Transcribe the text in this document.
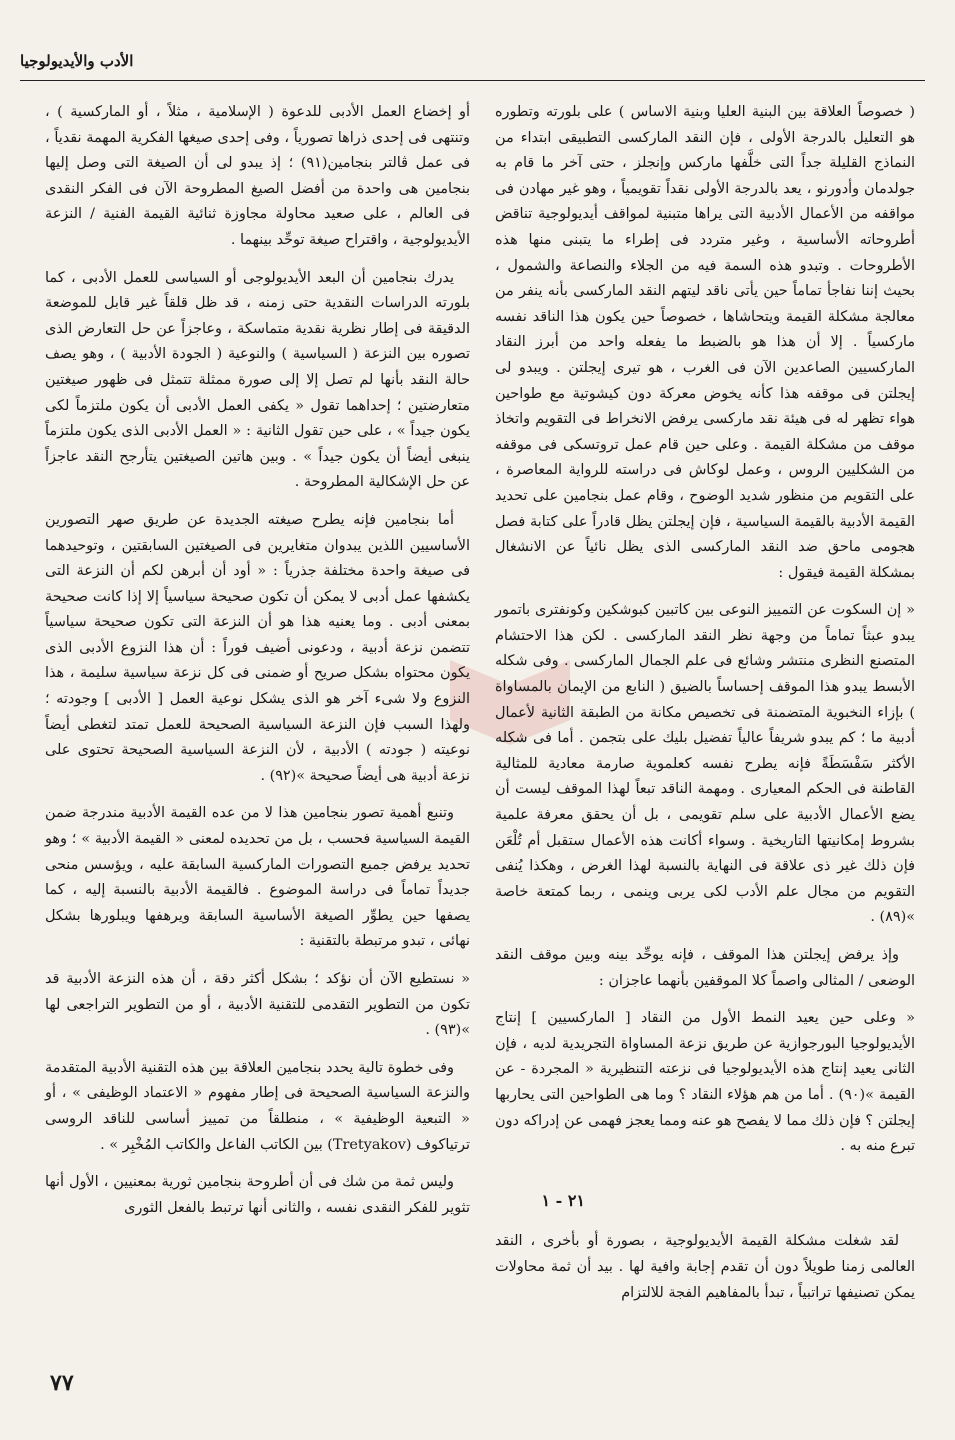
الأدب والأيديولوجيا

( خصوصاً العلاقة بين البنية العليا وبنية الاساس ) على بلورته وتطوره هو التعليل بالدرجة الأولى ، فإن النقد الماركسى التطبيقى ابتداء من النماذج القليلة جداً التى خلَّفها ماركس وإنجلز ، حتى آخر ما قام به جولدمان وأدورنو ، يعد بالدرجة الأولى نقداً تقويمياً ، وهو غير مهادن فى مواقفه من الأعمال الأدبية التى يراها متبنية لمواقف أيديولوجية تناقض أطروحاته الأساسية ، وغير متردد فى إطراء ما يتبنى منها هذه الأطروحات . وتبدو هذه السمة فيه من الجلاء والنصاعة والشمول ، بحيث إننا نفاجأ تماماً حين يأتى ناقد ليتهم النقد الماركسى بأنه ينفر من معالجة مشكلة القيمة ويتحاشاها ، خصوصاً حين يكون هذا الناقد نفسه ماركسياً . إلا أن هذا هو بالضبط ما يفعله واحد من أبرز النقاد الماركسيين الصاعدين الآن فى الغرب ، هو تيرى إيجلتن . ويبدو لى إيجلتن فى موقفه هذا كأنه يخوض معركة دون كيشوتية مع طواحين هواء تظهر له فى هيئة نقد ماركسى يرفض الانخراط فى التقويم واتخاذ موقف من مشكلة القيمة . وعلى حين قام عمل تروتسكى فى موقفه من الشكليين الروس ، وعمل لوكاش فى دراسته للرواية المعاصرة ، على التقويم من منظور شديد الوضوح ، وقام عمل بنجامين على تحديد القيمة الأدبية بالقيمة السياسية ، فإن إيجلتن يظل قادراً على كتابة فصل هجومى ماحق ضد النقد الماركسى الذى يظل نائياً عن الانشغال بمشكلة القيمة فيقول :

« إن السكوت عن التمييز النوعى بين كاتبين كبوشكين وكونفترى باتمور يبدو عبثاً تماماً من وجهة نظر النقد الماركسى . لكن هذا الاحتشام المتصنع النظرى منتشر وشائع فى علم الجمال الماركسى . وفى شكله الأبسط يبدو هذا الموقف إحساساً بالضيق ( النابع من الإيمان بالمساواة ) بإزاء النخبوية المتضمنة فى تخصيص مكانة من الطبقة الثانية لأعمال أدبية ما ؛ كم يبدو شريفاً عالياً تفضيل بليك على بتجمن . أما فى شكله الأكثر سَفْسَطَةً فإنه يطرح نفسه كعلموية صارمة معادية للمثالية القاطنة فى الحكم المعيارى . ومهمة الناقد تبعاً لهذا الموقف ليست أن يضع الأعمال الأدبية على سلم تقويمى ، بل أن يحقق معرفة علمية بشروط إمكانيتها التاريخية . وسواء أكانت هذه الأعمال ستقبل أم تُلْعَن فإن ذلك غير ذى علاقة فى النهاية بالنسبة لهذا الغرض ، وهكذا يُنفى التقويم من مجال علم الأدب لكى يربى وينمى ، ربما كمتعة خاصة »(٨٩) .

وإذ يرفض إيجلتن هذا الموقف ، فإنه يوحِّد بينه وبين موقف النقد الوضعى / المثالى واصماً كلا الموقفين بأنهما عاجزان :

« وعلى حين يعيد النمط الأول من النقاد [ الماركسيين ] إنتاج الأيديولوجيا البورجوازية عن طريق نزعة المساواة التجريدية لديه ، فإن الثانى يعيد إنتاج هذه الأيديولوجيا فى نزعته التنظيرية « المجردة - عن القيمة »(٩٠) . أما من هم هؤلاء النقاد ؟ وما هى الطواحين التى يحاربها إيجلتن ؟ فإن ذلك مما لا يفصح هو عنه ومما يعجز فهمى عن إدراكه دون تبرع منه به .

٢١ - ١

لقد شغلت مشكلة القيمة الأيديولوجية ، بصورة أو بأخرى ، النقد العالمى زمنا طويلاً دون أن تقدم إجابة وافية لها . بيد أن ثمة محاولات يمكن تصنيفها تراتبياً ، تبدأ بالمفاهيم الفجة للالتزام

أو إخضاع العمل الأدبى للدعوة ( الإسلامية ، مثلاً ، أو الماركسية ) ، وتنتهى فى إحدى ذراها تصورياً ، وفى إحدى صيغها الفكرية المهمة نقدياً ، فى عمل ڤالتر بنجامين(٩١) ؛ إذ يبدو لى أن الصيغة التى وصل إليها بنجامين هى واحدة من أفضل الصيغ المطروحة الآن فى الفكر النقدى فى العالم ، على صعيد محاولة مجاوزة ثنائية القيمة الفنية / النزعة الأيديولوجية ، واقتراح صيغة توحِّد بينهما .

يدرك بنجامين أن البعد الأيديولوجى أو السياسى للعمل الأدبى ، كما بلورته الدراسات النقدية حتى زمنه ، قد ظل قلقاً غير قابل للموضعة الدقيقة فى إطار نظرية نقدية متماسكة ، وعاجزاً عن حل التعارض الذى تصوره بين النزعة ( السياسية ) والنوعية ( الجودة الأدبية ) ، وهو يصف حالة النقد بأنها لم تصل إلا إلى صورة ممثلة تتمثل فى ظهور صيغتين متعارضتين ؛ إحداهما تقول « يكفى العمل الأدبى أن يكون ملتزماً لكى يكون جيداً » ، على حين تقول الثانية : « العمل الأدبى الذى يكون ملتزماً ينبغى أيضاً أن يكون جيداً » . وبين هاتين الصيغتين يتأرجح النقد عاجزاً عن حل الإشكالية المطروحة .

أما بنجامين فإنه يطرح صيغته الجديدة عن طريق صهر التصورين الأساسيين اللذين يبدوان متغايرين فى الصيغتين السابقتين ، وتوحيدهما فى صيغة واحدة مختلفة جذرياً : « أود أن أبرهن لكم أن النزعة التى يكشفها عمل أدبى لا يمكن أن تكون صحيحة سياسياً إلا إذا كانت صحيحة بمعنى أدبى . وما يعنيه هذا هو أن النزعة التى تكون صحيحة سياسياً تتضمن نزعة أدبية ، ودعونى أضيف فوراً : أن هذا النزوع الأدبى الذى يكون محتواه بشكل صريح أو ضمنى فى كل نزعة سياسية سليمة ، هذا النزوع ولا شىء آخر هو الذى يشكل نوعية العمل [ الأدبى ] وجودته ؛ ولهذا السبب فإن النزعة السياسية الصحيحة للعمل تمتد لتغطى أيضاً نوعيته ( جودته ) الأدبية ، لأن النزعة السياسية الصحيحة تحتوى على نزعة أدبية هى أيضاً صحيحة »(٩٢) .

وتنبع أهمية تصور بنجامين هذا لا من عده القيمة الأدبية مندرجة ضمن القيمة السياسية فحسب ، بل من تحديده لمعنى « القيمة الأدبية » ؛ وهو تحديد يرفض جميع التصورات الماركسية السابقة عليه ، ويؤسس منحى جديداً تماماً فى دراسة الموضوع . فالقيمة الأدبية بالنسبة إليه ، كما يصفها حين يطوِّر الصيغة الأساسية السابقة ويرهفها ويبلورها بشكل نهائى ، تبدو مرتبطة بالتقنية :

« نستطيع الآن أن نؤكد ؛ بشكل أكثر دقة ، أن هذه النزعة الأدبية قد تكون من التطوير التقدمى للتقنية الأدبية ، أو من التطوير التراجعى لها »(٩٣) .

وفى خطوة تالية يحدد بنجامين العلاقة بين هذه التقنية الأدبية المتقدمة والنزعة السياسية الصحيحة فى إطار مفهوم « الاعتماد الوظيفى » ، أو « التبعية الوظيفية » ، منطلقاً من تمييز أساسى للناقد الروسى ترتياكوف (Tretyakov) بين الكاتب الفاعل والكاتب المُخْبِر » .

وليس ثمة من شك فى أن أطروحة بنجامين ثورية بمعنيين ، الأول أنها تثوير للفكر النقدى نفسه ، والثانى أنها ترتبط بالفعل الثورى

٧٧
